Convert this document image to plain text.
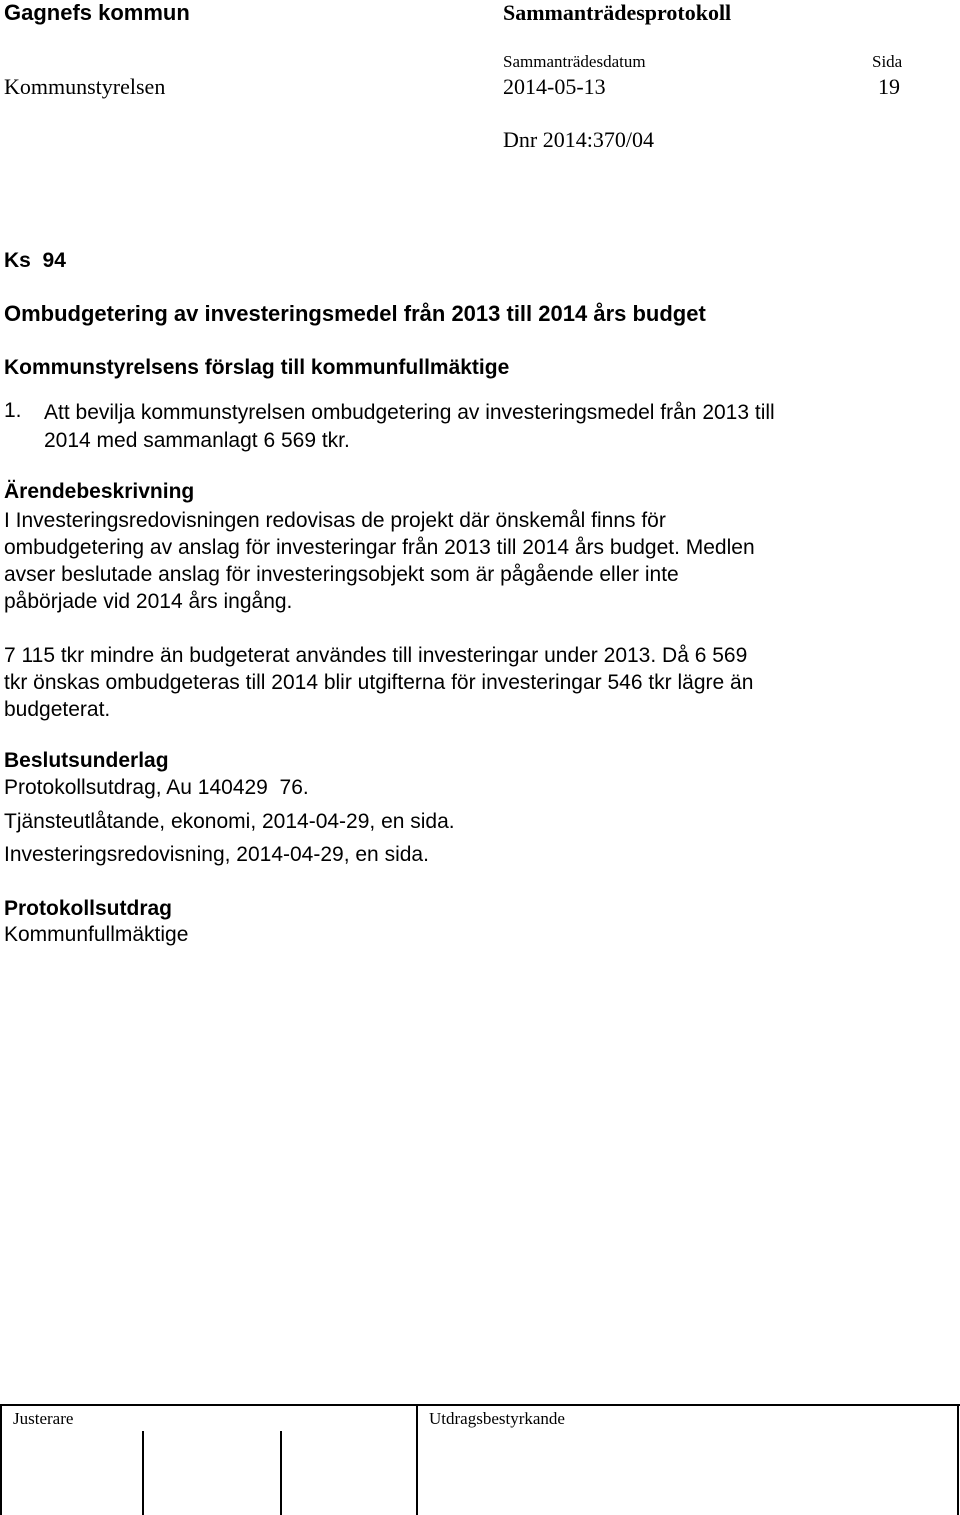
Gagnefs kommun	Sammanträdesprotokoll
Sammanträdesdatum	Sida
Kommunstyrelsen	2014-05-13	19
Dnr 2014:370/04
Ks  94
Ombudgetering av investeringsmedel från 2013 till 2014 års budget
Kommunstyrelsens förslag till kommunfullmäktige
1. Att bevilja kommunstyrelsen ombudgetering av investeringsmedel från 2013 till 2014 med sammanlagt 6 569 tkr.
Ärendebeskrivning
I Investeringsredovisningen redovisas de projekt där önskemål finns för ombudgetering av anslag för investeringar från 2013 till 2014 års budget. Medlen avser beslutade anslag för investeringsobjekt som är pågående eller inte påbörjade vid 2014 års ingång.
7 115 tkr mindre än budgeterat användes till investeringar under 2013. Då 6 569 tkr önskas ombudgeteras till 2014 blir utgifterna för investeringar 546 tkr lägre än budgeterat.
Beslutsunderlag
Protokollsutdrag, Au 140429  76.
Tjänsteutlåtande, ekonomi, 2014-04-29, en sida.
Investeringsredovisning, 2014-04-29, en sida.
Protokollsutdrag
Kommunfullmäktige
Justerare	Utdragsbestyrkande
